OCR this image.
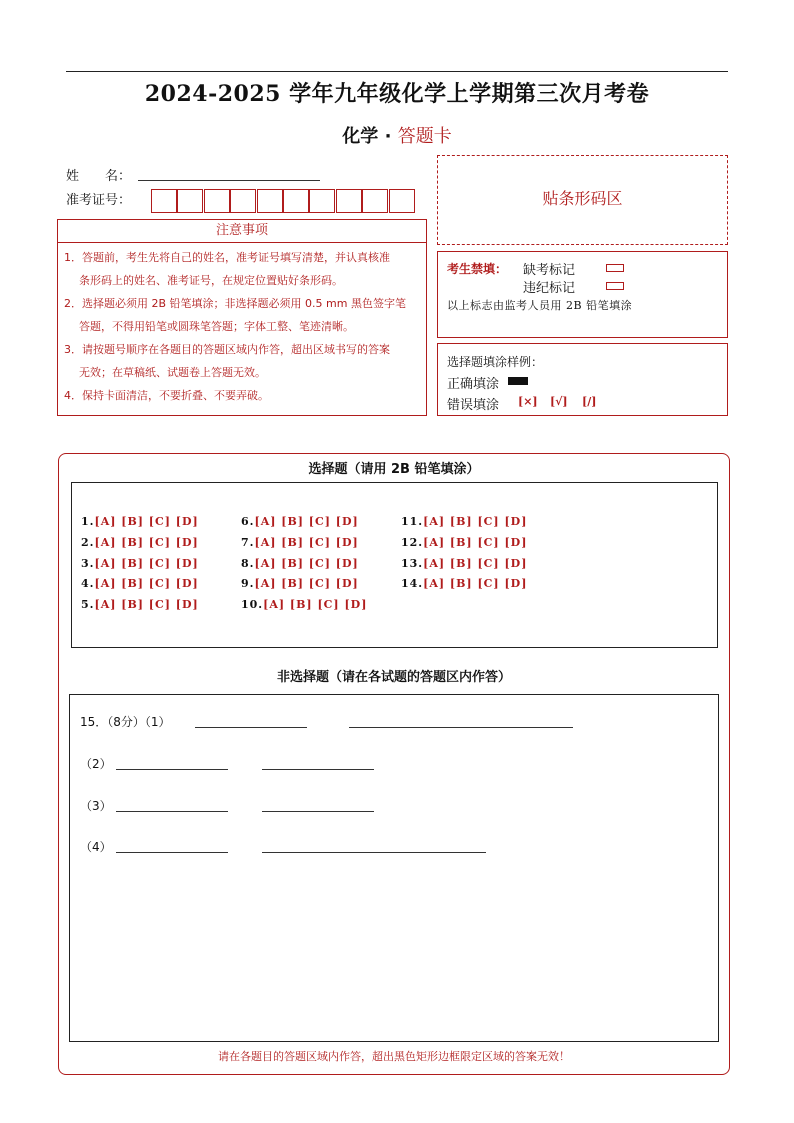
2024-2025 学年九年级化学上学期第三次月考卷
化学 · 答题卡
姓　　名：
准考证号：
注意事项
1．答题前，考生先将自己的姓名，准考证号填写清楚，并认真核准
条形码上的姓名、准考证号，在规定位置贴好条形码。
2．选择题必须用 2B 铅笔填涂；非选择题必须用 0.5 mm 黑色签字笔
答题，不得用铅笔或圆珠笔答题；字体工整、笔迹清晰。
3．请按题号顺序在各题目的答题区域内作答，超出区域书写的答案
无效；在草稿纸、试题卷上答题无效。
4．保持卡面清洁，不要折叠、不要弄破。
贴条形码区
考生禁填： 缺考标记
违纪标记
以上标志由监考人员用 2B 铅笔填涂
选择题填涂样例：
正确填涂
错误填涂 [×] [√] [/]
选择题（请用 2B 铅笔填涂）
1.[A] [B] [C] [D]
2.[A] [B] [C] [D]
3.[A] [B] [C] [D]
4.[A] [B] [C] [D]
5.[A] [B] [C] [D]
6.[A] [B] [C] [D]
7.[A] [B] [C] [D]
8.[A] [B] [C] [D]
9.[A] [B] [C] [D]
10.[A] [B] [C] [D]
11.[A] [B] [C] [D]
12.[A] [B] [C] [D]
13.[A] [B] [C] [D]
14.[A] [B] [C] [D]
非选择题（请在各试题的答题区内作答）
15．（8分）（1）
（2）
（3）
（4）
请在各题目的答题区域内作答，超出黑色矩形边框限定区域的答案无效！
